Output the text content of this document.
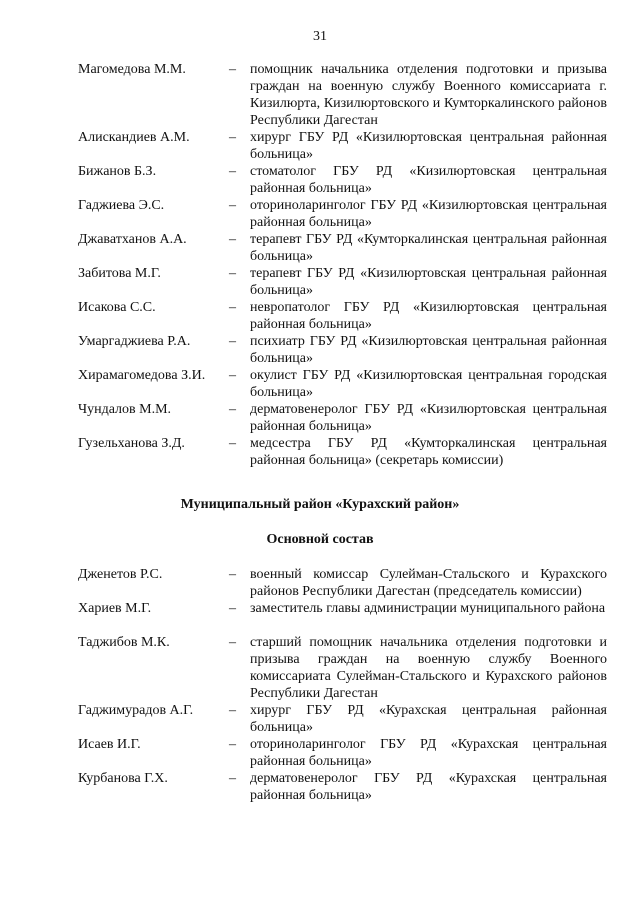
31
Магомедова М.М.	– помощник начальника отделения подготовки и призыва граждан на военную службу Военного комиссариата г. Кизилюрта, Кизилюртовского и Кумторкалинского районов Республики Дагестан
Алискандиев А.М.	– хирург ГБУ РД «Кизилюртовская центральная районная больница»
Бижанов Б.З.	– стоматолог ГБУ РД «Кизилюртовская центральная районная больница»
Гаджиева Э.С.	– оториноларинголог ГБУ РД «Кизилюртовская центральная районная больница»
Джаватханов А.А.	– терапевт ГБУ РД «Кумторкалинская центральная районная больница»
Забитова М.Г.	– терапевт ГБУ РД «Кизилюртовская центральная районная больница»
Исакова С.С.	– невропатолог ГБУ РД «Кизилюртовская центральная районная больница»
Умаргаджиева Р.А.	– психиатр ГБУ РД «Кизилюртовская центральная районная больница»
Хирамагомедова З.И. – окулист ГБУ РД «Кизилюртовская центральная городская больница»
Чундалов М.М.	– дерматовенеролог ГБУ РД «Кизилюртовская центральная районная больница»
Гузельханова З.Д.	– медсестра ГБУ РД «Кумторкалинская центральная районная больница» (секретарь комиссии)
Муниципальный район «Курахский район»
Основной состав
Дженетов Р.С.	– военный комиссар Сулейман-Стальского и Курахского районов Республики Дагестан (председатель комиссии)
Хариев М.Г.	– заместитель главы администрации муниципального района
Таджибов М.К.	– старший помощник начальника отделения подготовки и призыва граждан на военную службу Военного комиссариата Сулейман-Стальского и Курахского районов Республики Дагестан
Гаджимурадов А.Г.	– хирург ГБУ РД «Курахская центральная районная больница»
Исаев И.Г.	– оториноларинголог ГБУ РД «Курахская центральная районная больница»
Курбанова Г.Х.	– дерматовенеролог ГБУ РД «Курахская центральная районная больница»
